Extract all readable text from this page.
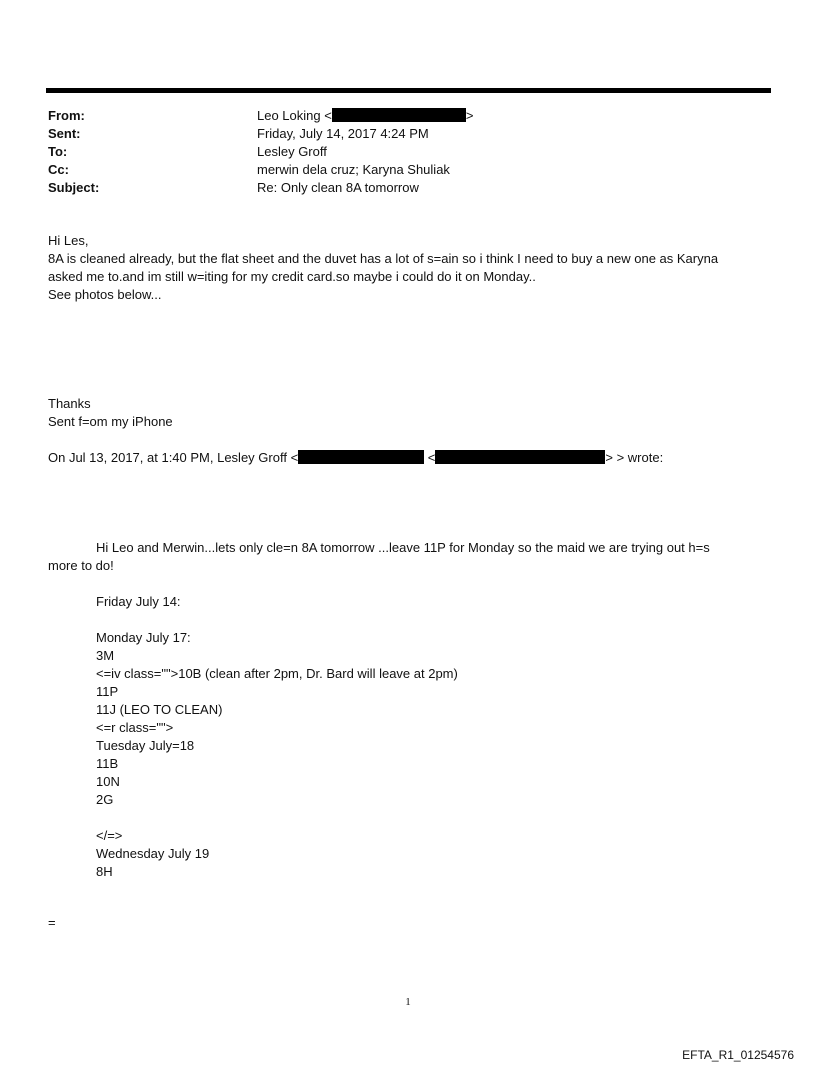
From:	Leo Loking <	>
Sent:	Friday, July 14, 2017 4:24 PM
To:	Lesley Groff
Cc:	merwin dela cruz; Karyna Shuliak
Subject:	Re: Only clean 8A tomorrow
Hi Les,
8A is cleaned already, but the flat sheet and the duvet has a lot of s=ain so i think I need to buy a new one as Karyna
asked me to.and im still w=iting for my credit card.so maybe i could do it on Monday..
See photos below...
Thanks
Sent f=om my iPhone
On Jul 13, 2017, at 1:40 PM, Lesley Groff <	<	> > wrote:
Hi Leo and Merwin...lets only cle=n 8A tomorrow ...leave 11P for Monday so the maid we are trying out h=s
more to do!
Friday July 14:
Monday July 17:
3M
<=iv class="">10B (clean after 2pm, Dr. Bard will leave at 2pm)
11P
11J (LEO TO CLEAN)
<=r class="">
Tuesday July=18
11B
10N
2G
</=>
Wednesday July 19
8H
=
1
EFTA_R1_01254576
